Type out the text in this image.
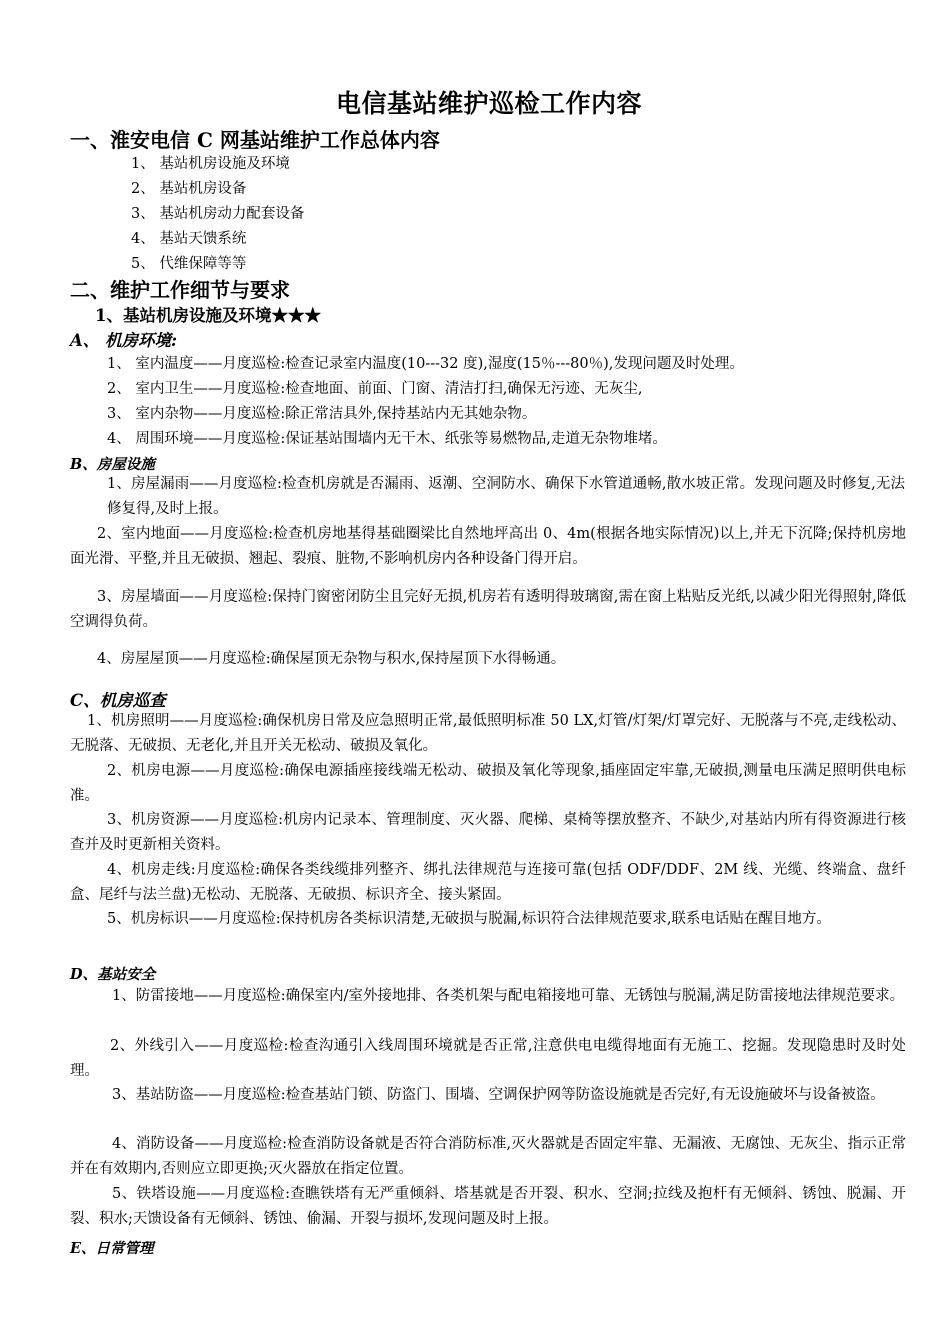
电信基站维护巡检工作内容
一、淮安电信 C 网基站维护工作总体内容
1、 基站机房设施及环境
2、 基站机房设备
3、 基站机房动力配套设备
4、 基站天馈系统
5、 代维保障等等
二、维护工作细节与要求
1、基站机房设施及环境★★★
A、 机房环境:
1、 室内温度——月度巡检:检查记录室内温度(10---32 度),湿度(15％---80％),发现问题及时处理。
2、 室内卫生——月度巡检:检查地面、前面、门窗、清洁打扫,确保无污迹、无灰尘,
3、 室内杂物——月度巡检:除正常洁具外,保持基站内无其她杂物。
4、 周围环境——月度巡检:保证基站围墙内无干木、纸张等易燃物品,走道无杂物堆堵。
B、房屋设施
1、房屋漏雨——月度巡检:检查机房就是否漏雨、返潮、空洞防水、确保下水管道通畅,散水坡正常。发现问题及时修复,无法修复得,及时上报。
2、室内地面——月度巡检:检查机房地基得基础圈梁比自然地坪高出 0、4m(根据各地实际情况)以上,并无下沉降;保持机房地面光滑、平整,并且无破损、翘起、裂痕、脏物,不影响机房内各种设备门得开启。
3、房屋墙面——月度巡检:保持门窗密闭防尘且完好无损,机房若有透明得玻璃窗,需在窗上粘贴反光纸,以减少阳光得照射,降低空调得负荷。
4、房屋屋顶——月度巡检:确保屋顶无杂物与积水,保持屋顶下水得畅通。
C、机房巡查
1、机房照明——月度巡检:确保机房日常及应急照明正常,最低照明标准 50 LX,灯管/灯架/灯罩完好、无脱落与不亮,走线松动、无脱落、无破损、无老化,并且开关无松动、破损及氧化。
2、机房电源——月度巡检:确保电源插座接线端无松动、破损及氧化等现象,插座固定牢靠,无破损,测量电压满足照明供电标准。
3、机房资源——月度巡检:机房内记录本、管理制度、灭火器、爬梯、桌椅等摆放整齐、不缺少,对基站内所有得资源进行核查并及时更新相关资料。
4、机房走线:月度巡检:确保各类线缆排列整齐、绑扎法律规范与连接可靠(包括 ODF/DDF、2M 线、光缆、终端盒、盘纤盒、尾纤与法兰盘)无松动、无脱落、无破损、标识齐全、接头紧固。
5、机房标识——月度巡检:保持机房各类标识清楚,无破损与脱漏,标识符合法律规范要求,联系电话贴在醒目地方。
D、基站安全
1、防雷接地——月度巡检:确保室内/室外接地排、各类机架与配电箱接地可靠、无锈蚀与脱漏,满足防雷接地法律规范要求。
2、外线引入——月度巡检:检查沟通引入线周围环境就是否正常,注意供电电缆得地面有无施工、挖掘。发现隐患时及时处理。
3、基站防盗——月度巡检:检查基站门锁、防盗门、围墙、空调保护网等防盗设施就是否完好,有无设施破坏与设备被盗。
4、消防设备——月度巡检:检查消防设备就是否符合消防标准,灭火器就是否固定牢靠、无漏液、无腐蚀、无灰尘、指示正常并在有效期内,否则应立即更换;灭火器放在指定位置。
5、铁塔设施——月度巡检:查瞧铁塔有无严重倾斜、塔基就是否开裂、积水、空洞;拉线及抱杆有无倾斜、锈蚀、脱漏、开裂、积水;天馈设备有无倾斜、锈蚀、偷漏、开裂与损坏,发现问题及时上报。
E、日常管理
